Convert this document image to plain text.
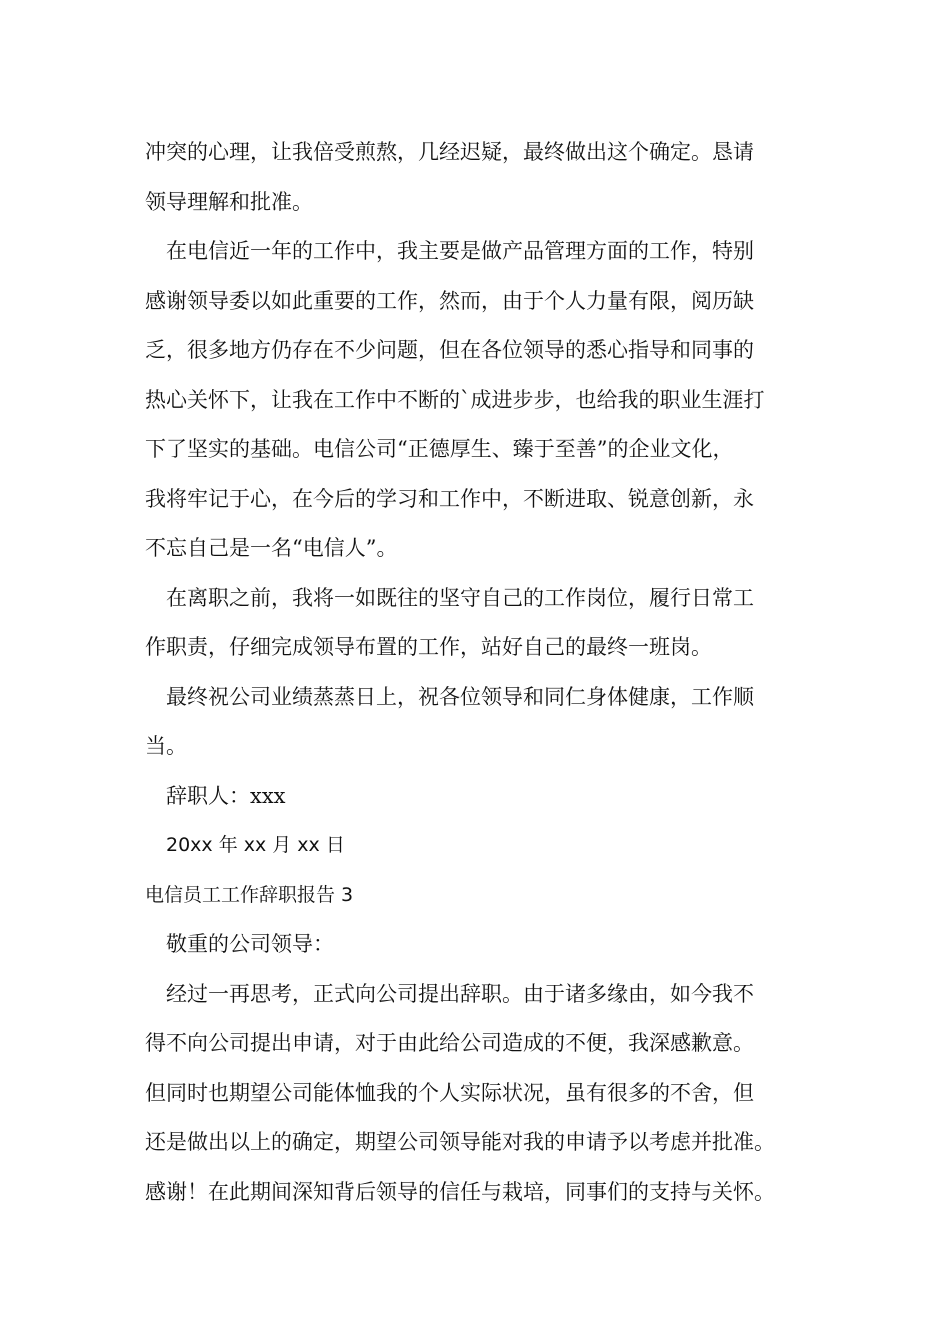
冲突的心理，让我倍受煎熬，几经迟疑，最终做出这个确定。恳请
领导理解和批准。
在电信近一年的工作中，我主要是做产品管理方面的工作，特别
感谢领导委以如此重要的工作，然而，由于个人力量有限，阅历缺
乏，很多地方仍存在不少问题，但在各位领导的悉心指导和同事的
热心关怀下，让我在工作中不断的`成进步步，也给我的职业生涯打
下了坚实的基础。电信公司“正德厚生、臻于至善”的企业文化，
我将牢记于心，在今后的学习和工作中，不断进取、锐意创新，永
不忘自己是一名“电信人”。
在离职之前，我将一如既往的坚守自己的工作岗位，履行日常工
作职责，仔细完成领导布置的工作，站好自己的最终一班岗。
最终祝公司业绩蒸蒸日上，祝各位领导和同仁身体健康，工作顺
当。
辞职人：xxx
20xx 年 xx 月 xx 日
电信员工工作辞职报告 3
敬重的公司领导：
经过一再思考，正式向公司提出辞职。由于诸多缘由，如今我不
得不向公司提出申请，对于由此给公司造成的不便，我深感歉意。
但同时也期望公司能体恤我的个人实际状况，虽有很多的不舍，但
还是做出以上的确定，期望公司领导能对我的申请予以考虑并批准。
感谢！在此期间深知背后领导的信任与栽培，同事们的支持与关怀。
